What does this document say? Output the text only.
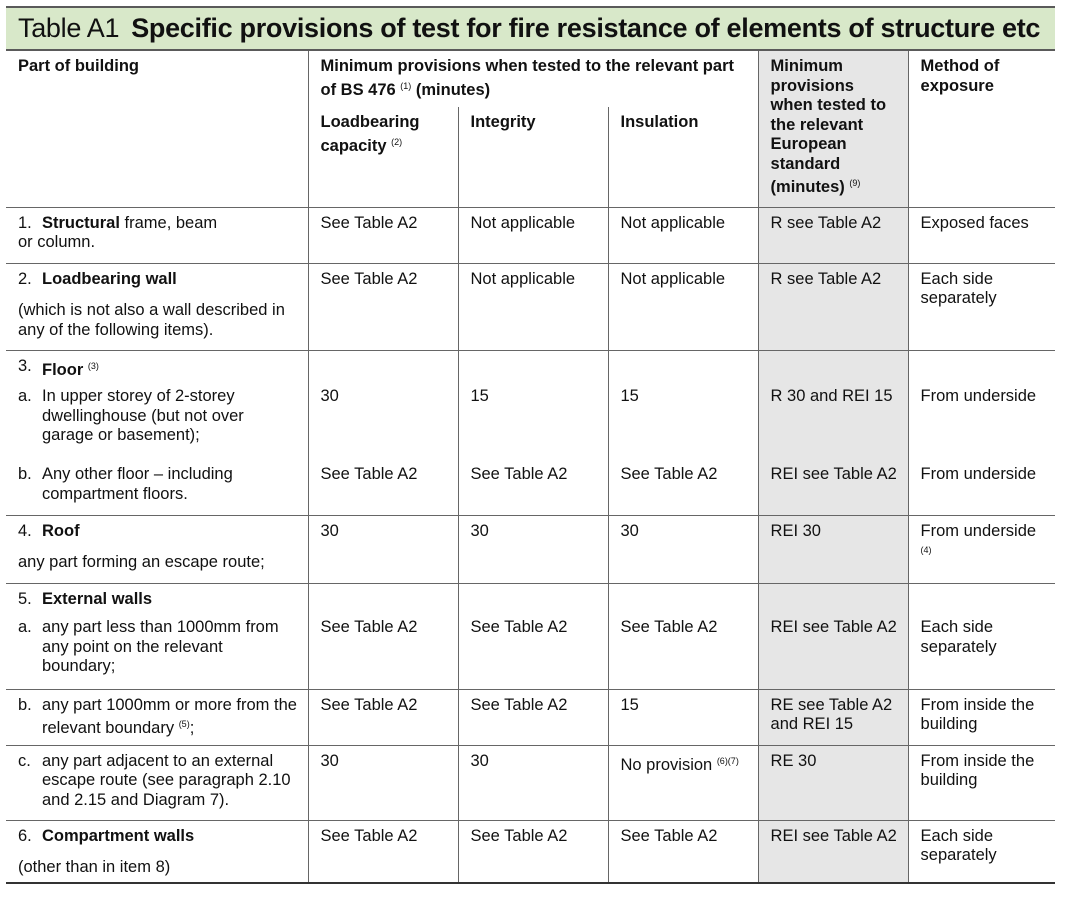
Table A1 Specific provisions of test for fire resistance of elements of structure etc
Part of building	Minimum provisions when tested to the relevant part of BS 476 $^{(1)}$ (minutes)			Minimum provisions when tested to the relevant European standard (minutes) $^{(9)}$	Method of exposure
	Loadbearing capacity $^{(2)}$	Integrity	Insulation		

1. Structural frame, beam
or column.	See Table A2	Not applicable	Not applicable	R see Table A2	Exposed faces

2. Loadbearing wall
(which is not also a wall described in any of the following items).	See Table A2	Not applicable	Not applicable	R see Table A2	Each side separately

3. Floor $^{(3)}$

a. In upper storey of 2-storey dwellinghouse (but not over garage or basement);	30	15	15	R 30 and REI 15	From underside

b. Any other floor – including compartment floors.	See Table A2	See Table A2	See Table A2	REI see Table A2	From underside

4. Roof
any part forming an escape route;	30	30	30	REI 30	From underside $^{(4)}$

5. External walls					

a. any part less than 1000mm from any point on the relevant boundary;	See Table A2	See Table A2	See Table A2	REI see Table A2	Each side separately

b. any part 1000mm or more from the relevant boundary $^{(5)}$;	See Table A2	See Table A2	15	RE see Table A2 and REI 15	From inside the building

c. any part adjacent to an external escape route (see paragraph 2.10 and 2.15 and Diagram 7).	30	30	No provision $^{(6)(7)}$	RE 30	From inside the building

6. Compartment walls
(other than in item 8)	See Table A2	See Table A2	See Table A2	REI see Table A2	Each side separately
